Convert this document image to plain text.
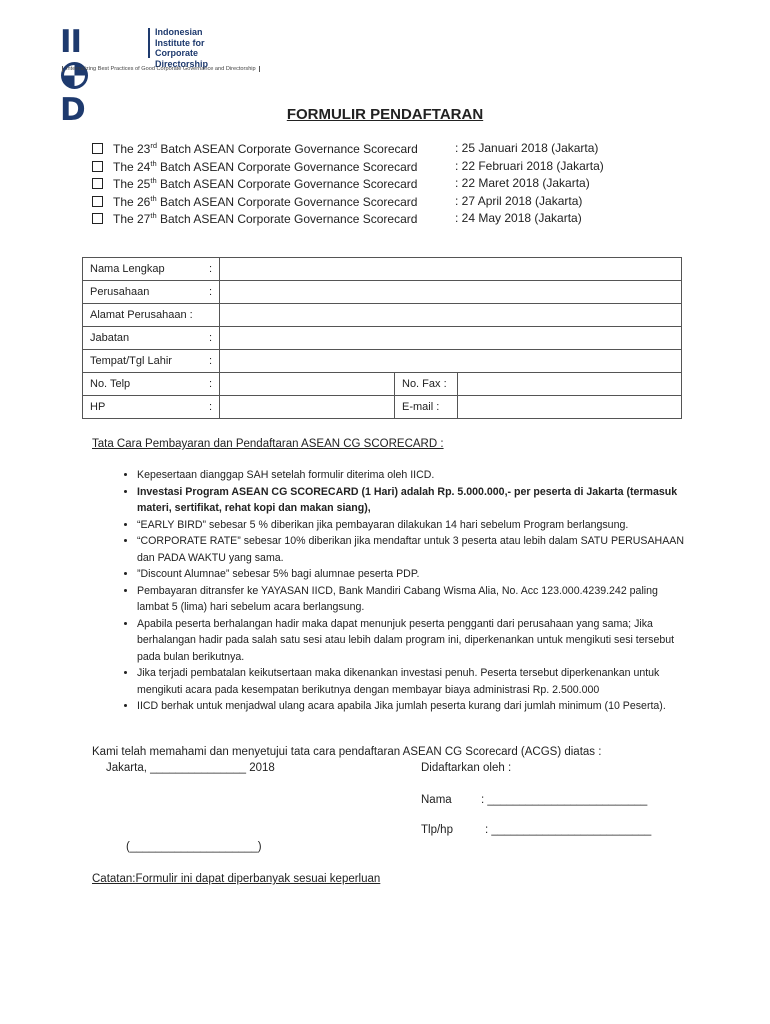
IID
Indonesian
Institute for
Corporate Directorship
Internalizing Best Practices of Good Corporate Governance and Directorship
FORMULIR PENDAFTARAN
The 23rd Batch ASEAN Corporate Governance Scorecard	: 25 Januari 2018 (Jakarta)
The 24th Batch ASEAN Corporate Governance Scorecard	: 22 Februari 2018 (Jakarta)
The 25th Batch ASEAN Corporate Governance Scorecard	: 22 Maret 2018 (Jakarta)
The 26th Batch ASEAN Corporate Governance Scorecard	: 27 April 2018 (Jakarta)
The 27th Batch ASEAN Corporate Governance Scorecard	: 24 May 2018 (Jakarta)
Nama Lengkap :			

Perusahaan :			

Alamat Perusahaan :			

Jabatan :			

Tempat/Tgl Lahir :			

No. Telp :		No. Fax :	

HP :		E-mail :	
Tata Cara Pembayaran dan Pendaftaran ASEAN CG SCORECARD :
• Kepesertaan dianggap SAH setelah formulir diterima oleh IICD.
• Investasi Program ASEAN CG SCORECARD (1 Hari) adalah Rp. 5.000.000,- per peserta di Jakarta (termasuk materi, sertifikat, rehat kopi dan makan siang),
• “EARLY BIRD” sebesar 5 % diberikan jika pembayaran dilakukan 14 hari sebelum Program berlangsung.
• “CORPORATE RATE” sebesar 10% diberikan jika mendaftar untuk 3 peserta atau lebih dalam SATU PERUSAHAAN dan PADA WAKTU yang sama.
• ”Discount Alumnae” sebesar 5% bagi alumnae peserta PDP.
• Pembayaran ditransfer ke YAYASAN IICD, Bank Mandiri Cabang Wisma Alia, No. Acc 123.000.4239.242 paling lambat 5 (lima) hari sebelum acara berlangsung.
• Apabila peserta berhalangan hadir maka dapat menunjuk peserta pengganti dari perusahaan yang sama; Jika berhalangan hadir pada salah satu sesi atau lebih dalam program ini, diperkenankan untuk mengikuti sesi tersebut pada bulan berikutnya.
• Jika terjadi pembatalan keikutsertaan maka dikenankan investasi penuh. Peserta tersebut diperkenankan untuk mengikuti acara pada kesempatan berikutnya dengan membayar biaya administrasi Rp. 2.500.000
• IICD berhak untuk menjadwal ulang acara apabila Jika jumlah peserta kurang dari jumlah minimum (10 Peserta).
Kami telah memahami dan menyetujui tata cara pendaftaran ASEAN CG Scorecard (ACGS) diatas :
Jakarta, _______________ 2018	Didaftarkan oleh :
Nama	: _________________________
Tlp/hp	: _________________________
(____________________)
Catatan:Formulir ini dapat diperbanyak sesuai keperluan
